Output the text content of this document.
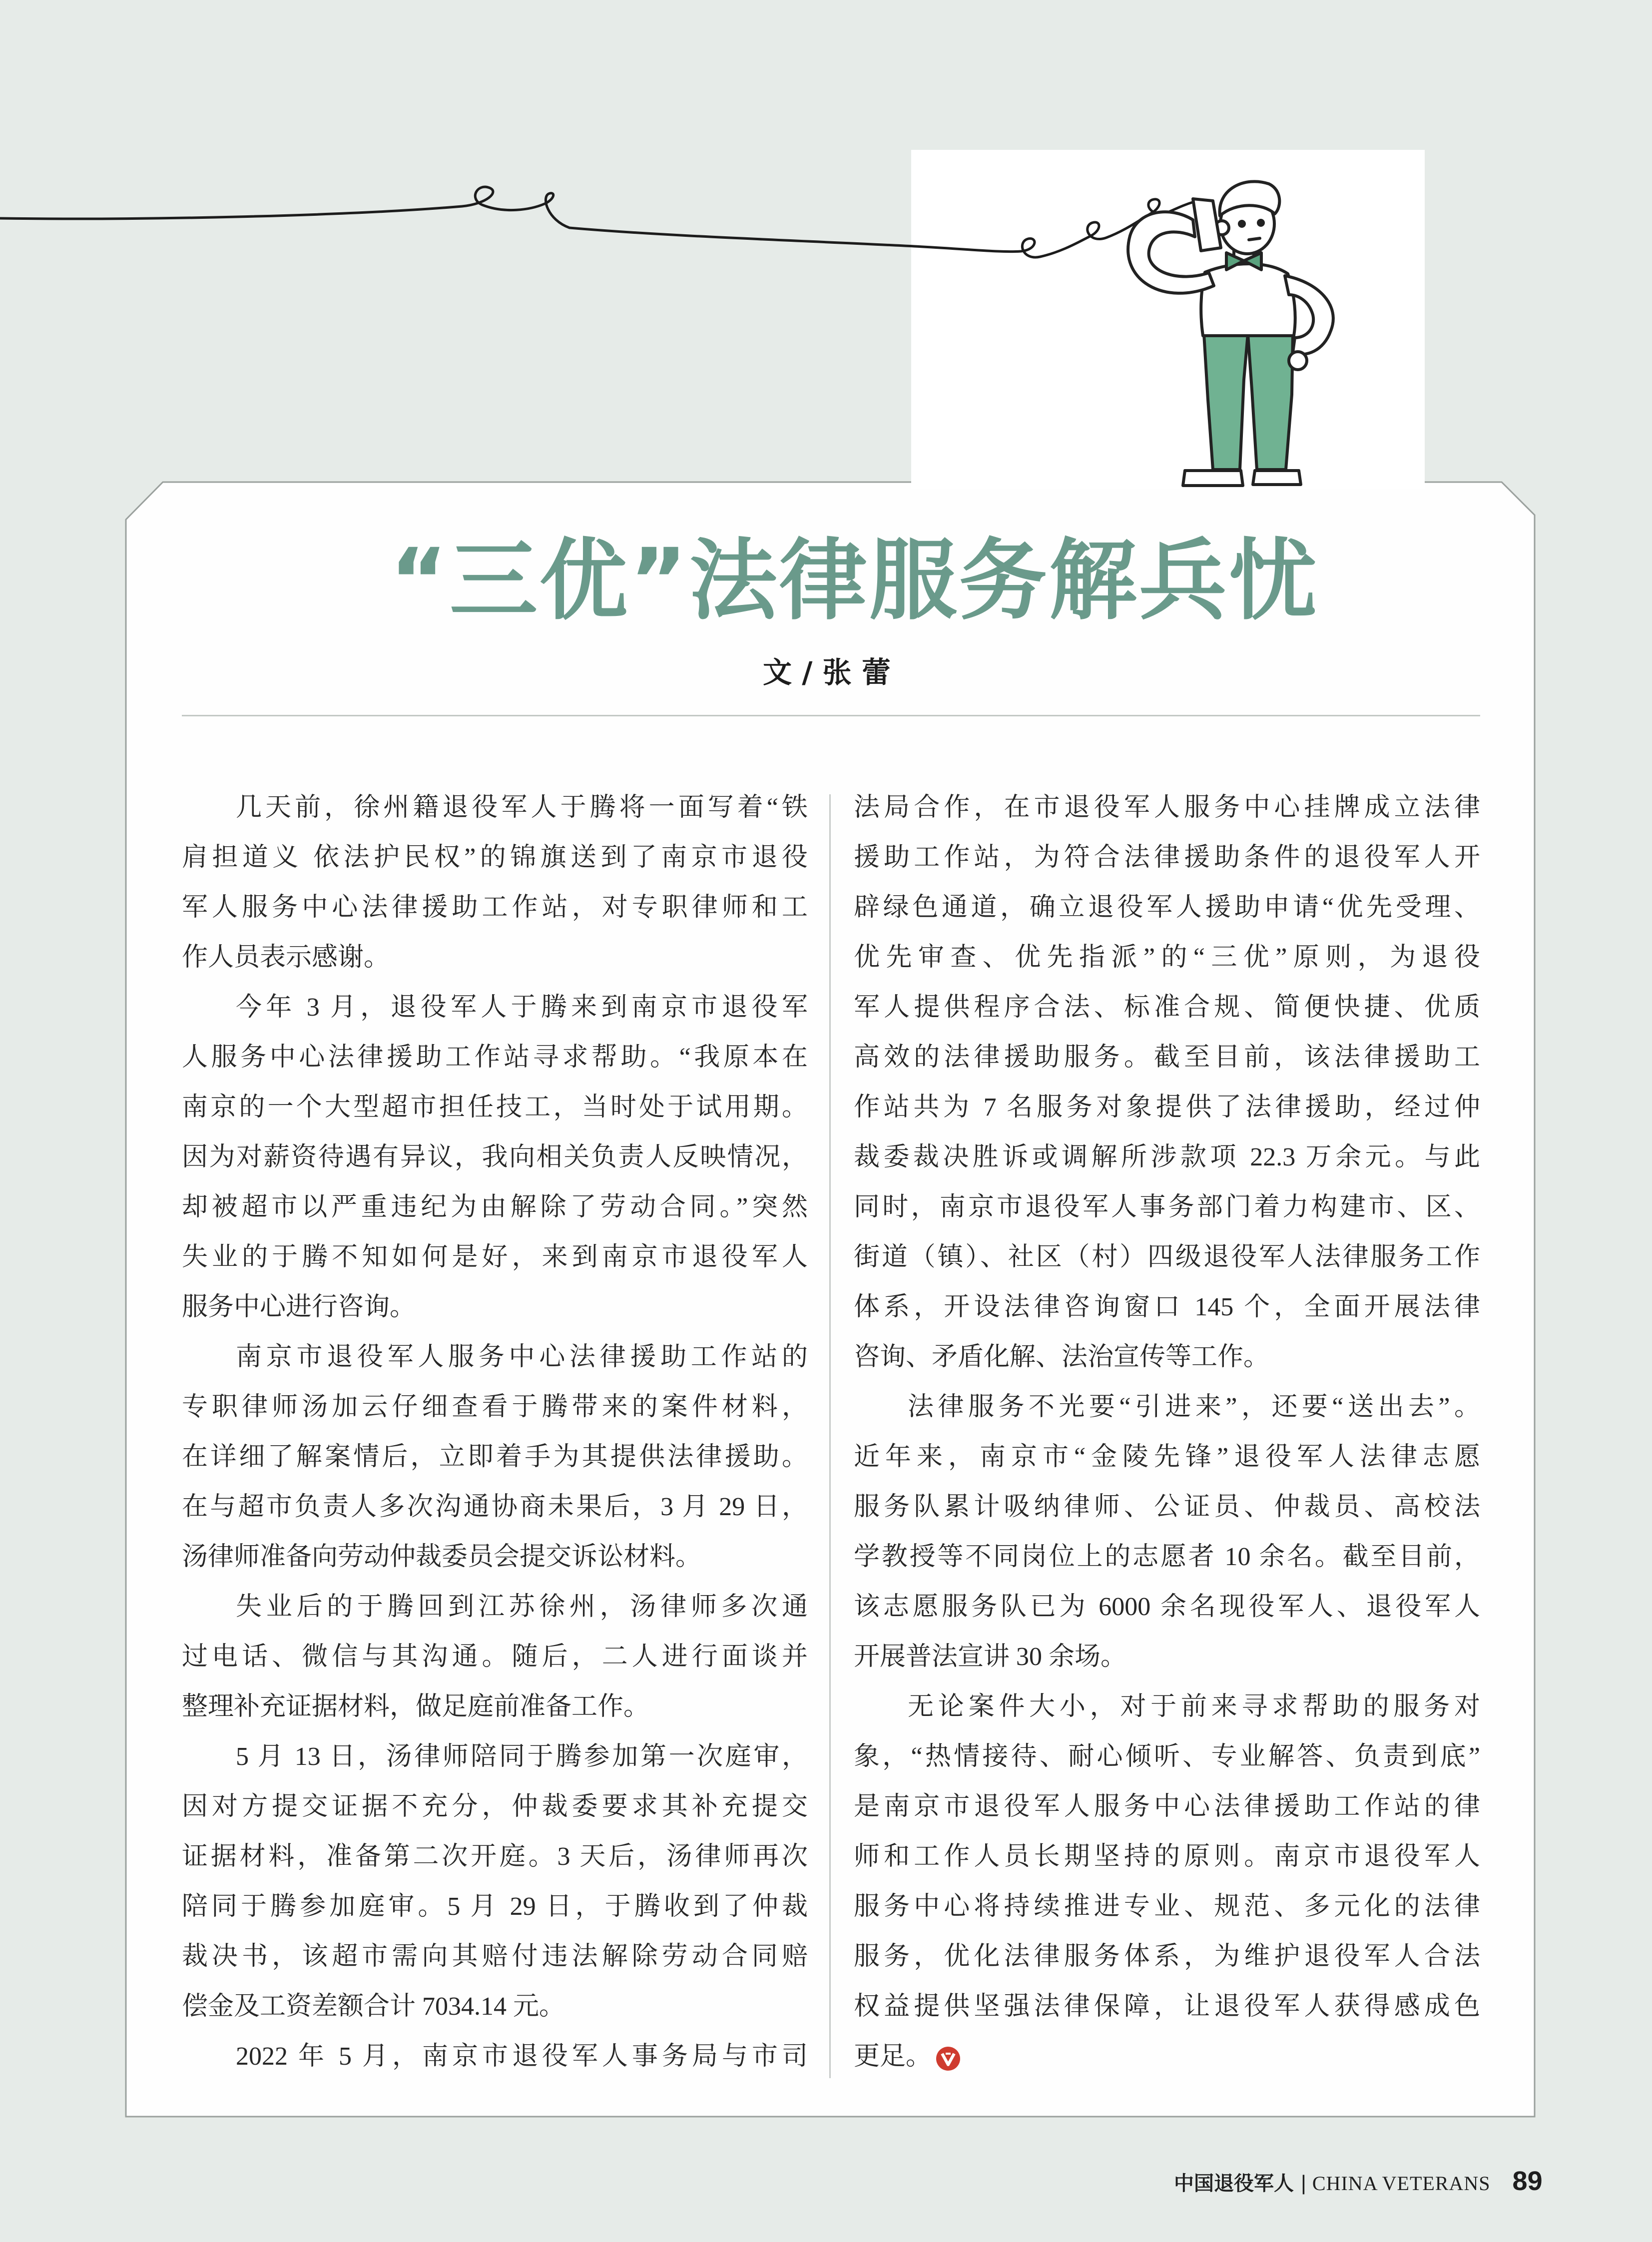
“三优”法律服务解兵忧
文 / 张 蕾
几天前，徐州籍退役军人于腾将一面写着“铁
肩担道义 依法护民权”的锦旗送到了南京市退役
军人服务中心法律援助工作站，对专职律师和工
作人员表示感谢。
今年 3 月，退役军人于腾来到南京市退役军
人服务中心法律援助工作站寻求帮助。“我原本在
南京的一个大型超市担任技工，当时处于试用期。
因为对薪资待遇有异议，我向相关负责人反映情况，
却被超市以严重违纪为由解除了劳动合同。”突然
失业的于腾不知如何是好，来到南京市退役军人
服务中心进行咨询。
南京市退役军人服务中心法律援助工作站的
专职律师汤加云仔细查看于腾带来的案件材料，
在详细了解案情后，立即着手为其提供法律援助。
在与超市负责人多次沟通协商未果后，3 月 29 日，
汤律师准备向劳动仲裁委员会提交诉讼材料。
失业后的于腾回到江苏徐州，汤律师多次通
过电话、微信与其沟通。随后，二人进行面谈并
整理补充证据材料，做足庭前准备工作。
5 月 13 日，汤律师陪同于腾参加第一次庭审，
因对方提交证据不充分，仲裁委要求其补充提交
证据材料，准备第二次开庭。3 天后，汤律师再次
陪同于腾参加庭审。5 月 29 日，于腾收到了仲裁
裁决书，该超市需向其赔付违法解除劳动合同赔
偿金及工资差额合计 7034.14 元。
2022 年 5 月，南京市退役军人事务局与市司
法局合作，在市退役军人服务中心挂牌成立法律
援助工作站，为符合法律援助条件的退役军人开
辟绿色通道，确立退役军人援助申请“优先受理、
优先审查、优先指派”的“三优”原则，为退役
军人提供程序合法、标准合规、简便快捷、优质
高效的法律援助服务。截至目前，该法律援助工
作站共为 7 名服务对象提供了法律援助，经过仲
裁委裁决胜诉或调解所涉款项 22.3 万余元。与此
同时，南京市退役军人事务部门着力构建市、区、
街道（镇）、社区（村）四级退役军人法律服务工作
体系，开设法律咨询窗口 145 个，全面开展法律
咨询、矛盾化解、法治宣传等工作。
法律服务不光要“引进来”，还要“送出去”。
近年来，南京市“金陵先锋”退役军人法律志愿
服务队累计吸纳律师、公证员、仲裁员、高校法
学教授等不同岗位上的志愿者 10 余名。截至目前，
该志愿服务队已为 6000 余名现役军人、退役军人
开展普法宣讲 30 余场。
无论案件大小，对于前来寻求帮助的服务对
象，“热情接待、耐心倾听、专业解答、负责到底”
是南京市退役军人服务中心法律援助工作站的律
师和工作人员长期坚持的原则。南京市退役军人
服务中心将持续推进专业、规范、多元化的法律
服务，优化法律服务体系，为维护退役军人合法
权益提供坚强法律保障，让退役军人获得感成色
更足。
中国退役军人 | CHINA VETERANS 89
